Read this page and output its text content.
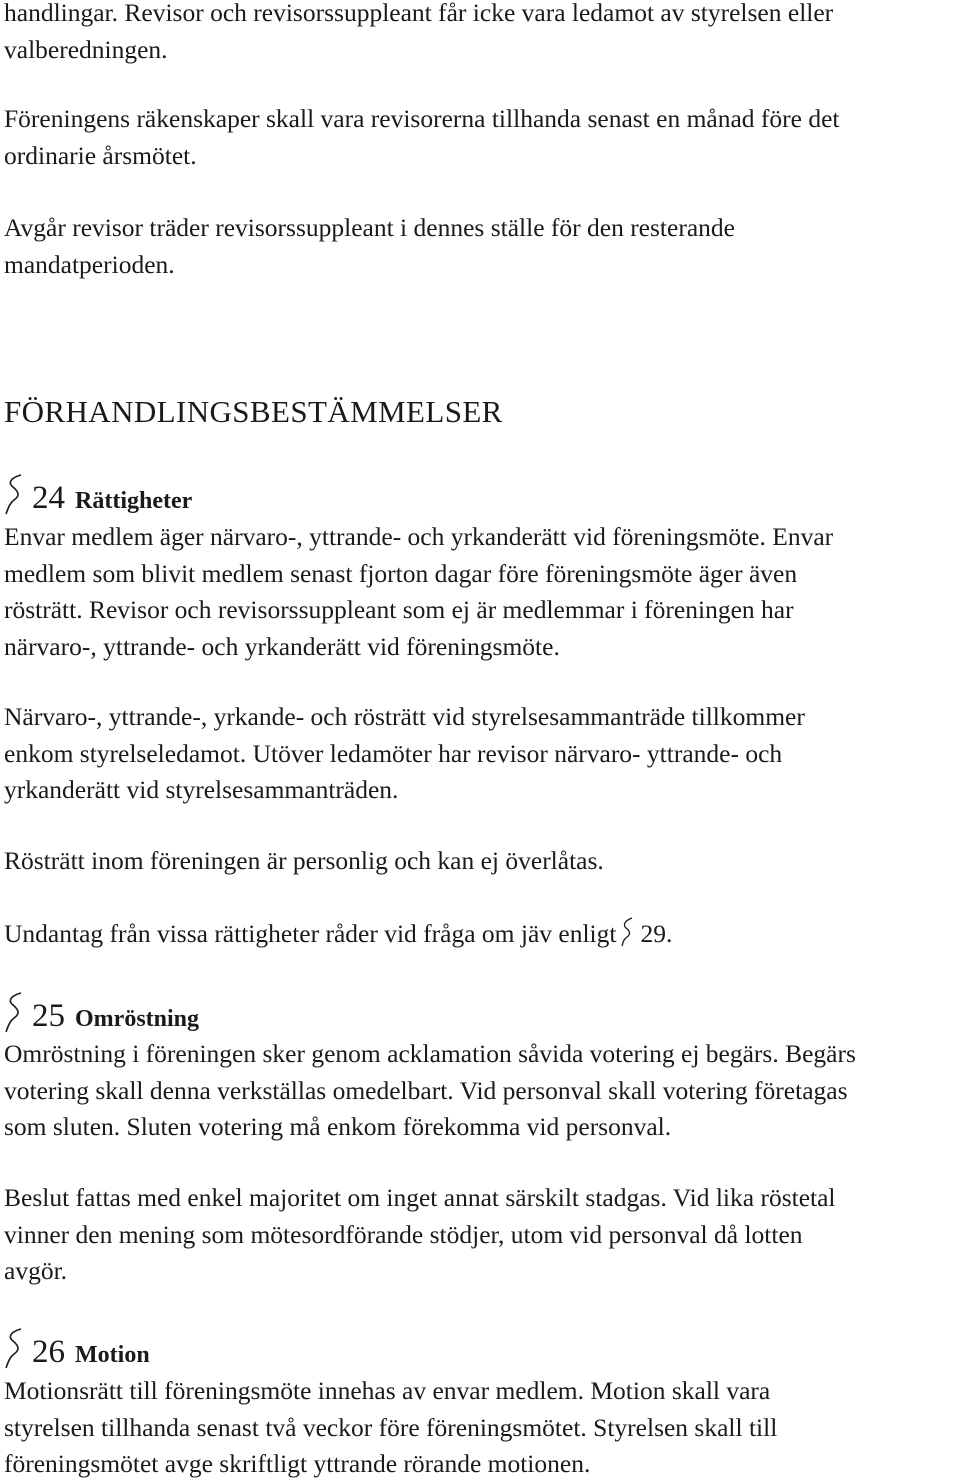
handlingar. Revisor och revisorssuppleant får icke vara ledamot av styrelsen eller
valberedningen.

Föreningens räkenskaper skall vara revisorerna tillhanda senast en månad före det
ordinarie årsmötet.

Avgår revisor träder revisorssuppleant i dennes ställe för den resterande
mandatperioden.

FÖRHANDLINGSBESTÄMMELSER
24 Rättigheter

Envar medlem äger närvaro-, yttrande- och yrkanderätt vid föreningsmöte. Envar
medlem som blivit medlem senast fjorton dagar före föreningsmöte äger även
rösträtt. Revisor och revisorssuppleant som ej är medlemmar i föreningen har
närvaro-, yttrande- och yrkanderätt vid föreningsmöte.

Närvaro-, yttrande-, yrkande- och rösträtt vid styrelsesammanträde tillkommer
enkom styrelseledamot. Utöver ledamöter har revisor närvaro- yttrande- och
yrkanderätt vid styrelsesammanträden.

Rösträtt inom föreningen är personlig och kan ej överlåtas.

Undantag från vissa rättigheter råder vid fråga om jäv enligt 29.

25 Omröstning

Omröstning i föreningen sker genom acklamation såvida votering ej begärs. Begärs
votering skall denna verkställas omedelbart. Vid personval skall votering företagas
som sluten. Sluten votering må enkom förekomma vid personval.

Beslut fattas med enkel majoritet om inget annat särskilt stadgas. Vid lika röstetal
vinner den mening som mötesordförande stödjer, utom vid personval då lotten
avgör.

26 Motion

Motionsrätt till föreningsmöte innehas av envar medlem. Motion skall vara
styrelsen tillhanda senast två veckor före föreningsmötet. Styrelsen skall till
föreningsmötet avge skriftligt yttrande rörande motionen.
